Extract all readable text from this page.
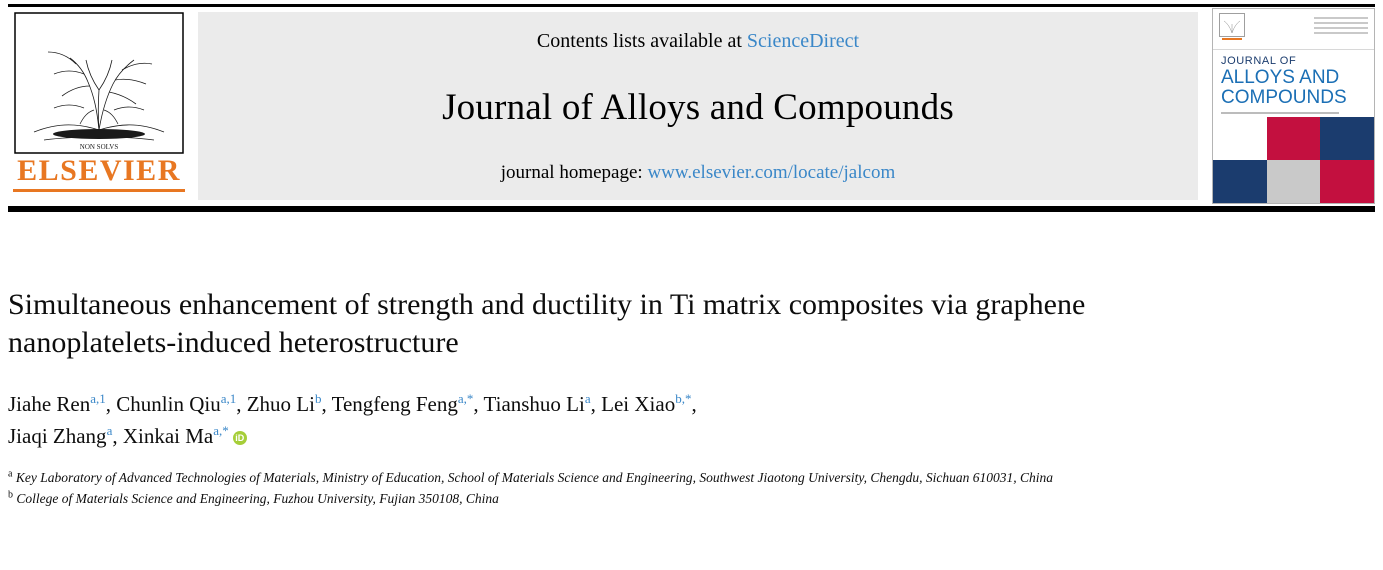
NON SOLVS
ELSEVIER
Contents lists available at ScienceDirect
Journal of Alloys and Compounds
journal homepage: www.elsevier.com/locate/jalcom
JOURNAL OF
ALLOYS AND
COMPOUNDS
Simultaneous enhancement of strength and ductility in Ti matrix composites via graphene nanoplatelets-induced heterostructure
Jiahe Ren$^{a,1}$, Chunlin Qiu$^{a,1}$, Zhuo Li$^b$, Tengfeng Feng$^{a,*}$, Tianshuo Li$^a$, Lei Xiao$^{b,*}$,
Jiaqi Zhang$^a$, Xinkai $Ma^{a,*}iD$

$^a$ Key Laboratory of Advanced Technologies of Materials, Ministry of Education, School of Materials Science and Engineering, Southwest Jiaotong University, Chengdu, Sichuan 610031, China

$^b$ College of Materials Science and Engineering, Fuzhou University, Fujian 350108, China
